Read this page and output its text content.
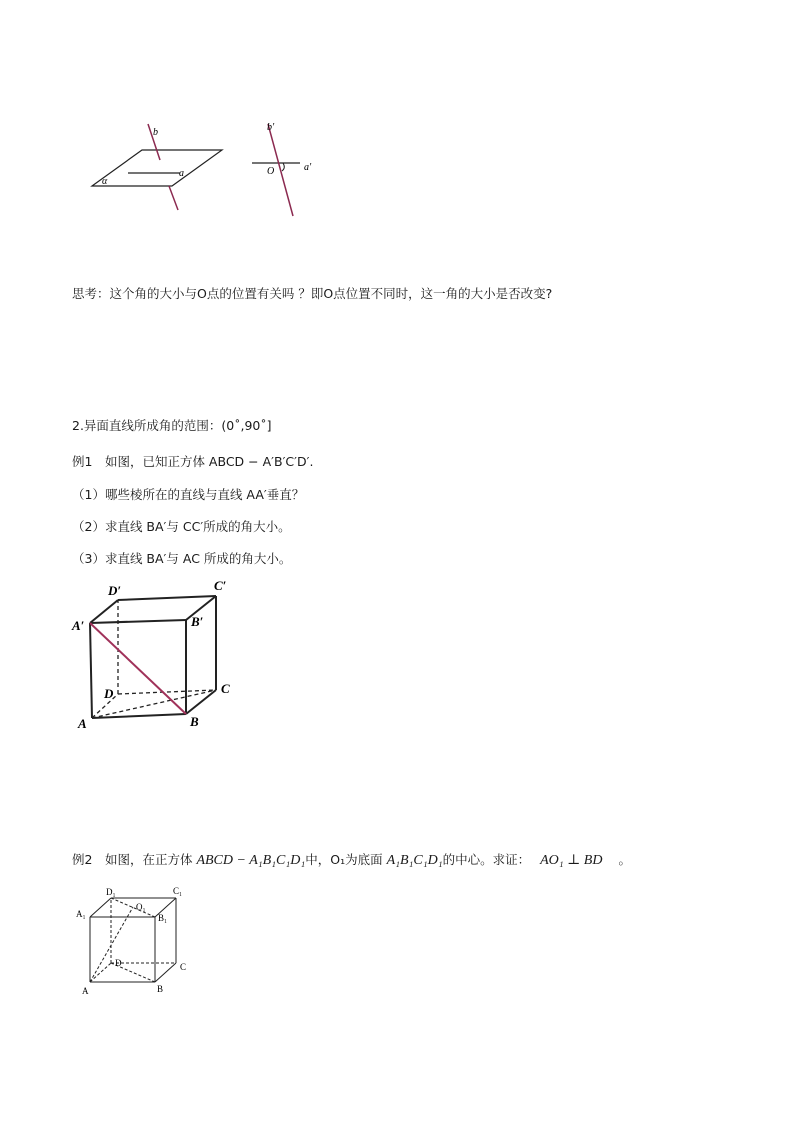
b
a
α
b′
a′
O
思考：这个角的大小与O点的位置有关吗 ？即O点位置不同时，这一角的大小是否改变?
2.异面直线所成角的范围：(0˚,90˚]
例1　如图，已知正方体 ABCD − A′B′C′D′.
（1）哪些棱所在的直线与直线 AA′垂直？
（2）求直线 BA′与 CC′所成的角大小。
（3）求直线 BA′与 AC 所成的角大小。
A	B
C
D
A′	B′
C′
D′
例2　如图，在正方体 ABCD − A₁B₁C₁D₁中，O₁为底面 A₁B₁C₁D₁的中心。求证： AO₁ ⊥ BD 。
A	B
C
D
A₁	B₁
C₁
D₁
O₁
